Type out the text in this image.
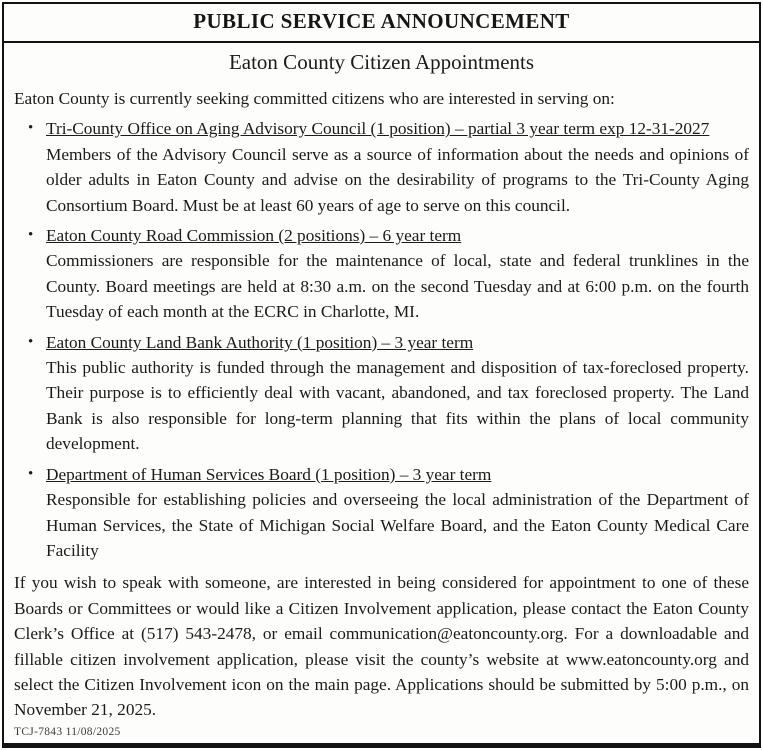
PUBLIC SERVICE ANNOUNCEMENT
Eaton County Citizen Appointments

Eaton County is currently seeking committed citizens who are interested in serving on:

• Tri-County Office on Aging Advisory Council (1 position) – partial 3 year term exp 12-31-2027
Members of the Advisory Council serve as a source of information about the needs and opinions of older adults in Eaton County and advise on the desirability of programs to the Tri-County Aging Consortium Board. Must be at least 60 years of age to serve on this council.
• Eaton County Road Commission (2 positions) – 6 year term
Commissioners are responsible for the maintenance of local, state and federal trunklines in the County. Board meetings are held at 8:30 a.m. on the second Tuesday and at 6:00 p.m. on the fourth Tuesday of each month at the ECRC in Charlotte, MI.
• Eaton County Land Bank Authority (1 position) – 3 year term
This public authority is funded through the management and disposition of tax-foreclosed property. Their purpose is to efficiently deal with vacant, abandoned, and tax foreclosed property. The Land Bank is also responsible for long-term planning that fits within the plans of local community development.
• Department of Human Services Board (1 position) – 3 year term
Responsible for establishing policies and overseeing the local administration of the Department of Human Services, the State of Michigan Social Welfare Board, and the Eaton County Medical Care Facility

If you wish to speak with someone, are interested in being considered for appointment to one of these Boards or Committees or would like a Citizen Involvement application, please contact the Eaton County Clerk’s Office at (517) 543-2478, or email communication@eatoncounty.org. For a downloadable and fillable citizen involvement application, please visit the county’s website at www.eatoncounty.org and select the Citizen Involvement icon on the main page. Applications should be submitted by 5:00 p.m., on November 21, 2025.

TCJ-7843 11/08/2025
